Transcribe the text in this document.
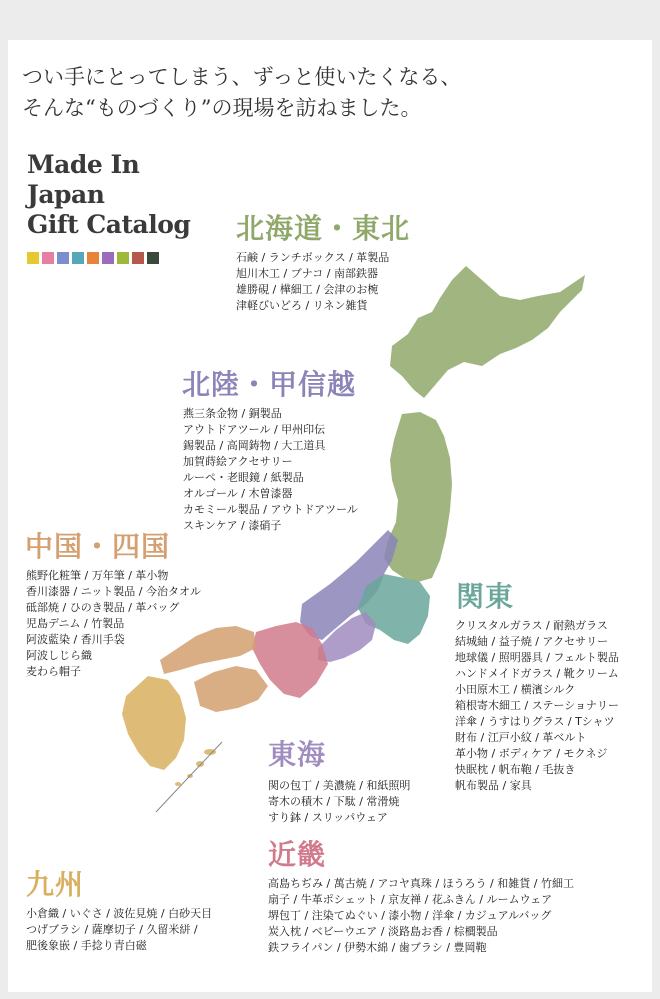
つい手にとってしまう、ずっと使いたくなる、
そんな“ものづくり”の現場を訪ねました。

Made In
Japan
Gift Catalog 北海道・東北
石鹸 / ランチボックス / 革製品
旭川木工 / ブナコ / 南部鉄器
雄勝硯 / 樺細工 / 会津のお椀
津軽びいどろ / リネン雑貨
北陸・甲信越
燕三条金物 / 銅製品
アウトドアツール / 甲州印伝
錫製品 / 高岡鋳物 / 大工道具
加賀蒔絵アクセサリー
ルーペ・老眼鏡 / 紙製品
オルゴール / 木曽漆器
カモミール製品 / アウトドアツール
スキンケア / 漆硝子
中国・四国
熊野化粧筆 / 万年筆 / 革小物
香川漆器 / ニット製品 / 今治タオル
砥部焼 / ひのき製品 / 革バッグ
児島デニム / 竹製品
阿波藍染 / 香川手袋
阿波しじら織
麦わら帽子
関東
クリスタルガラス / 耐熱ガラス
結城紬 / 益子焼 / アクセサリー
地球儀 / 照明器具 / フェルト製品
ハンドメイドガラス / 靴クリーム
小田原木工 / 横濱シルク
箱根寄木細工 / ステーショナリー
洋傘 / うすはりグラス / Tシャツ
財布 / 江戸小紋 / 革ベルト
革小物 / ボディケア / モクネジ
快眠枕 / 帆布鞄 / 毛抜き
帆布製品 / 家具
東海
関の包丁 / 美濃焼 / 和紙照明
寄木の積木 / 下駄 / 常滑焼
すり鉢 / スリッパウェア
近畿
高島ちぢみ / 萬古焼 / アコヤ真珠 / ほうろう / 和雑貨 / 竹細工
扇子 / 牛革ポシェット / 京友禅 / 花ふきん / ルームウェア
堺包丁 / 注染てぬぐい / 漆小物 / 洋傘 / カジュアルバッグ
炭入枕 / ベビーウエア / 淡路島お香 / 棕櫚製品
鉄フライパン / 伊勢木綿 / 歯ブラシ / 豊岡鞄
九州
小倉織 / いぐさ / 波佐見焼 / 白砂天目
つげブラシ / 薩摩切子 / 久留米絣 /
肥後象嵌 / 手捻り青白磁
